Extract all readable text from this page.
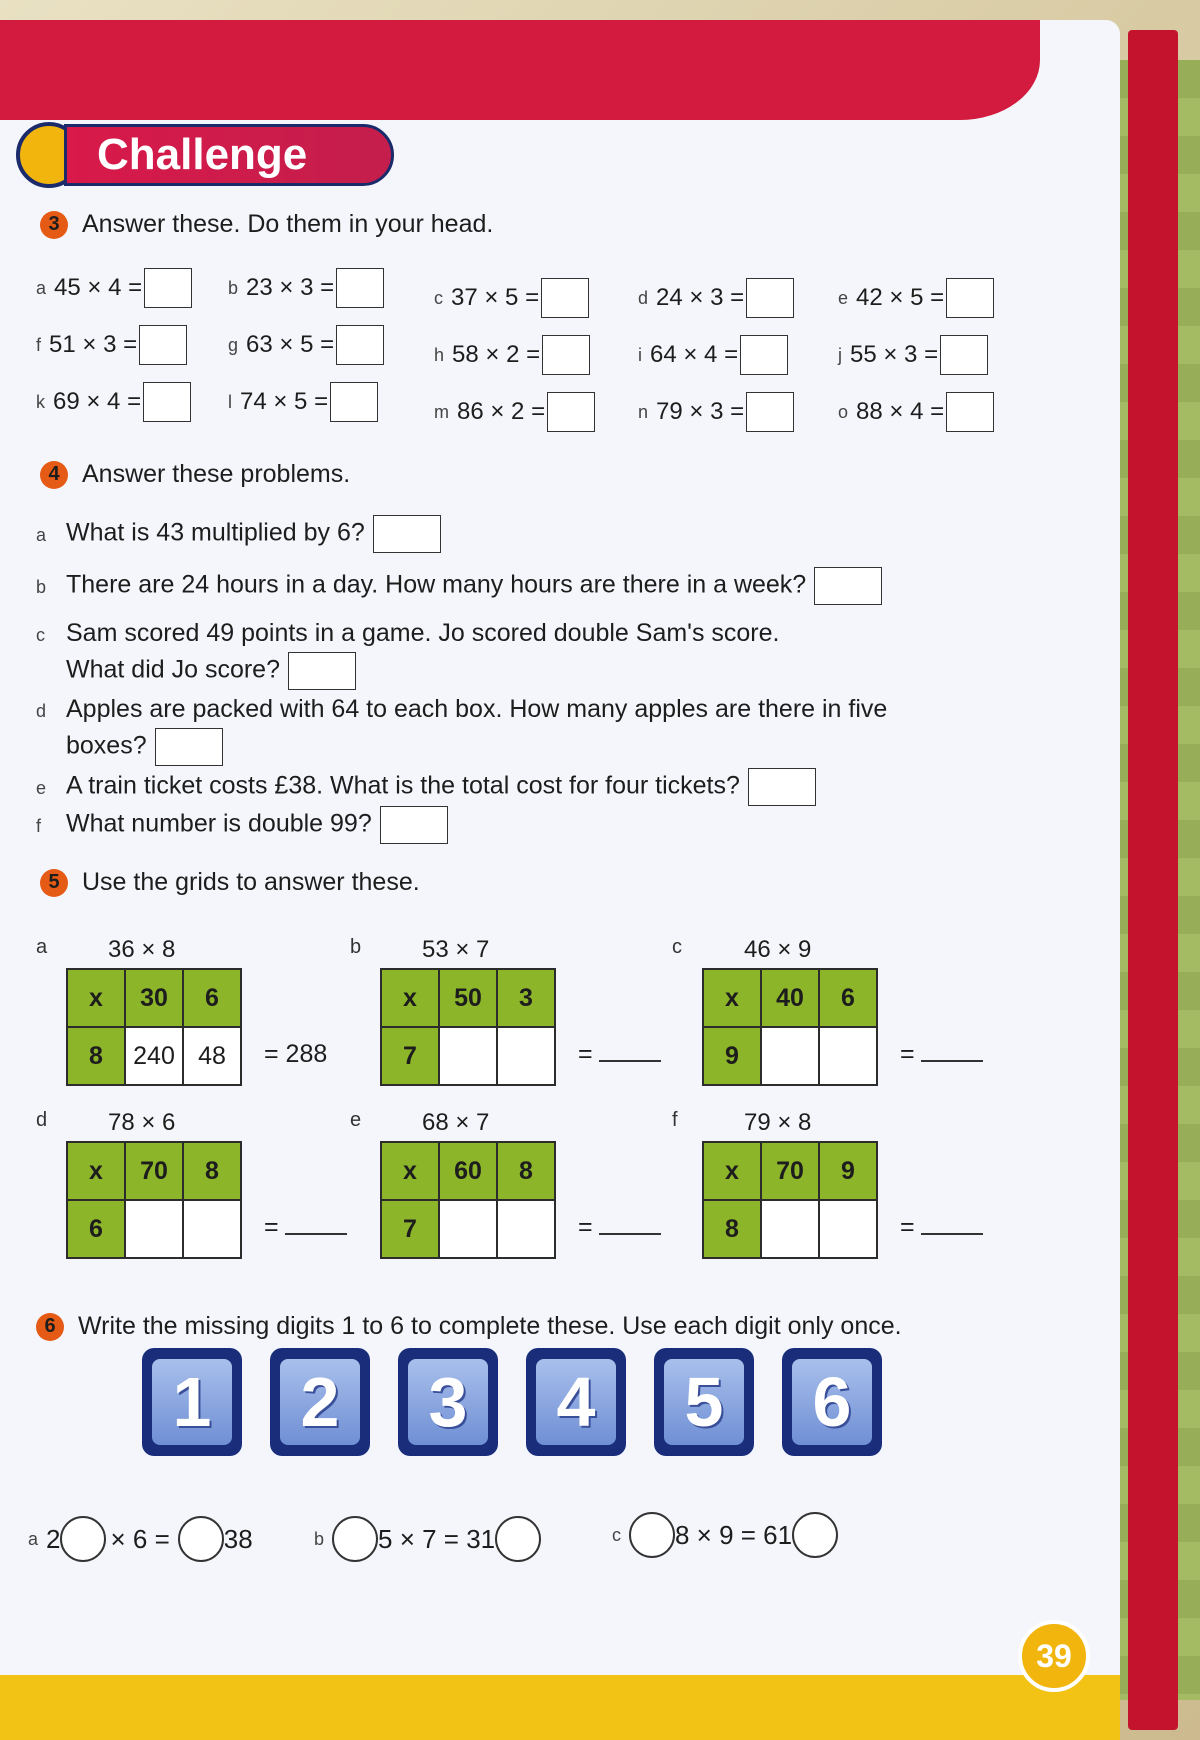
Challenge
3 Answer these. Do them in your head.
a 45 × 4 =	b 23 × 3 =	c 37 × 5 =	d 24 × 3 =	e 42 × 5 =
f 51 × 3 =	g 63 × 5 =	h 58 × 2 =	i 64 × 4 =	j 55 × 3 =
k 69 × 4 =	l 74 × 5 =	m 86 × 2 =	n 79 × 3 =	o 88 × 4 =
4 Answer these problems.
a What is 43 multiplied by 6?
b There are 24 hours in a day. How many hours are there in a week?
c Sam scored 49 points in a game. Jo scored double Sam's score.
What did Jo score?
d Apples are packed with 64 to each box. How many apples are there in five
boxes?
e A train ticket costs £38. What is the total cost for four tickets?
f What number is double 99?
5 Use the grids to answer these.
a	36 × 8
x	30	6
8	240	48 = 288
b	53 × 7
x	50	3
7			=
c	46 × 9
x	40	6
9			=
d	78 × 6
x	70	8
6			=
e	68 × 7
x	60	8
7			=
f	79 × 8
x	70	9
8			=
6 Write the missing digits 1 to 6 to complete these. Use each digit only once.
1 2 3 4 5 6
a 2 × 6 = 38	b 5 × 7 = 31	c 8 × 9 = 61
39
